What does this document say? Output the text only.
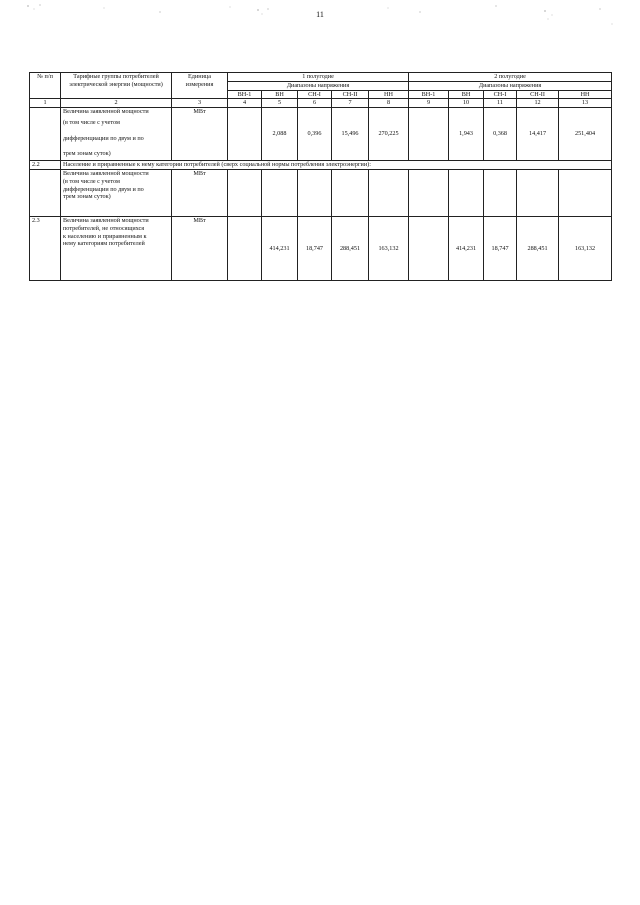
11
№ п/п	Тарифные группы потребителей электрической энергии (мощности)	Единица измерения	1 полугодие					2 полугодие				
			Диапазоны напряжения					Диапазоны напряжения				
			ВН-1	ВН	СН-I	СН-II	НН	ВН-1	ВН	СН-I	СН-II	НН
1	2	3	4	5	6	7	8	9	10	11	12	13

	Величина заявленной мощности
(в том числе с учетом
дифференциации по двум и по
трем зонам суток)	МВт		2,088	0,396	15,496	270,225		1,943	0,368	14,417	251,404
2.2	Население и приравненные к нему категории потребителей (сверх социальной нормы потребления электроэнергии):											

	Величина заявленной мощности
(в том числе с учетом
дифференциации по двум и по
трем зонам суток)	МВт										
2.3	Величина заявленной мощности
потребителей, не относящихся
к населению и приравненным к
нему категориям потребителей	МВт		414,231	18,747	288,451	163,132		414,231	18,747	288,451	163,132
